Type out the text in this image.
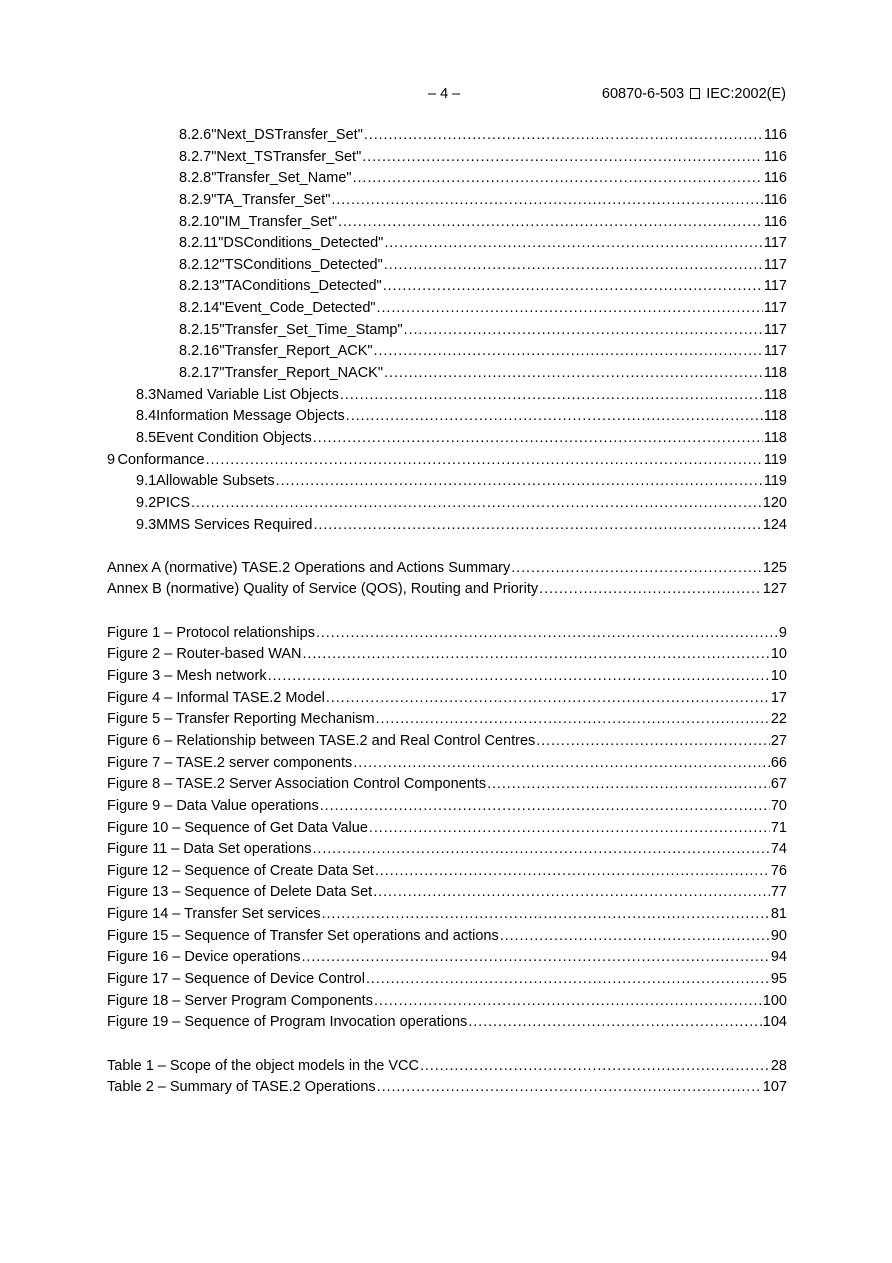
– 4 –	60870-6-503 IEC:2002(E)
8.2.6 "Next_DSTransfer_Set" .....	116
8.2.7 "Next_TSTransfer_Set" .....	116
8.2.8 "Transfer_Set_Name" .....	116
8.2.9 "TA_Transfer_Set" .....	116
8.2.10 "IM_Transfer_Set" .....	116
8.2.11 "DSConditions_Detected" .....	117
8.2.12 "TSConditions_Detected" .....	117
8.2.13 "TAConditions_Detected" .....	117
8.2.14 "Event_Code_Detected" .....	117
8.2.15 "Transfer_Set_Time_Stamp" .....	117
8.2.16 "Transfer_Report_ACK" .....	117
8.2.17 "Transfer_Report_NACK" .....	118
8.3 Named Variable List Objects .....	118
8.4 Information Message Objects .....	118
8.5 Event Condition Objects .....	118
9 Conformance .....	119
9.1 Allowable Subsets .....	119
9.2 PICS .....	120
9.3 MMS Services Required .....	124
Annex A (normative) TASE.2 Operations and Actions Summary .....	125
Annex B (normative) Quality of Service (QOS), Routing and Priority .....	127
Figure 1 – Protocol relationships .....	9
Figure 2 – Router-based WAN .....	10
Figure 3 – Mesh network .....	10
Figure 4 – Informal TASE.2 Model .....	17
Figure 5 – Transfer Reporting Mechanism .....	22
Figure 6 – Relationship between TASE.2 and Real Control Centres .....	27
Figure 7 – TASE.2 server components .....	66
Figure 8 – TASE.2 Server Association Control Components .....	67
Figure 9 – Data Value operations .....	70
Figure 10 – Sequence of Get Data Value .....	71
Figure 11 – Data Set operations .....	74
Figure 12 – Sequence of Create Data Set .....	76
Figure 13 – Sequence of Delete Data Set .....	77
Figure 14 – Transfer Set services .....	81
Figure 15 – Sequence of Transfer Set operations and actions .....	90
Figure 16 – Device operations .....	94
Figure 17 – Sequence of Device Control .....	95
Figure 18 – Server Program Components .....	100
Figure 19 – Sequence of Program Invocation operations .....	104
Table 1 – Scope of the object models in the VCC .....	28
Table 2 – Summary of TASE.2 Operations .....	107
